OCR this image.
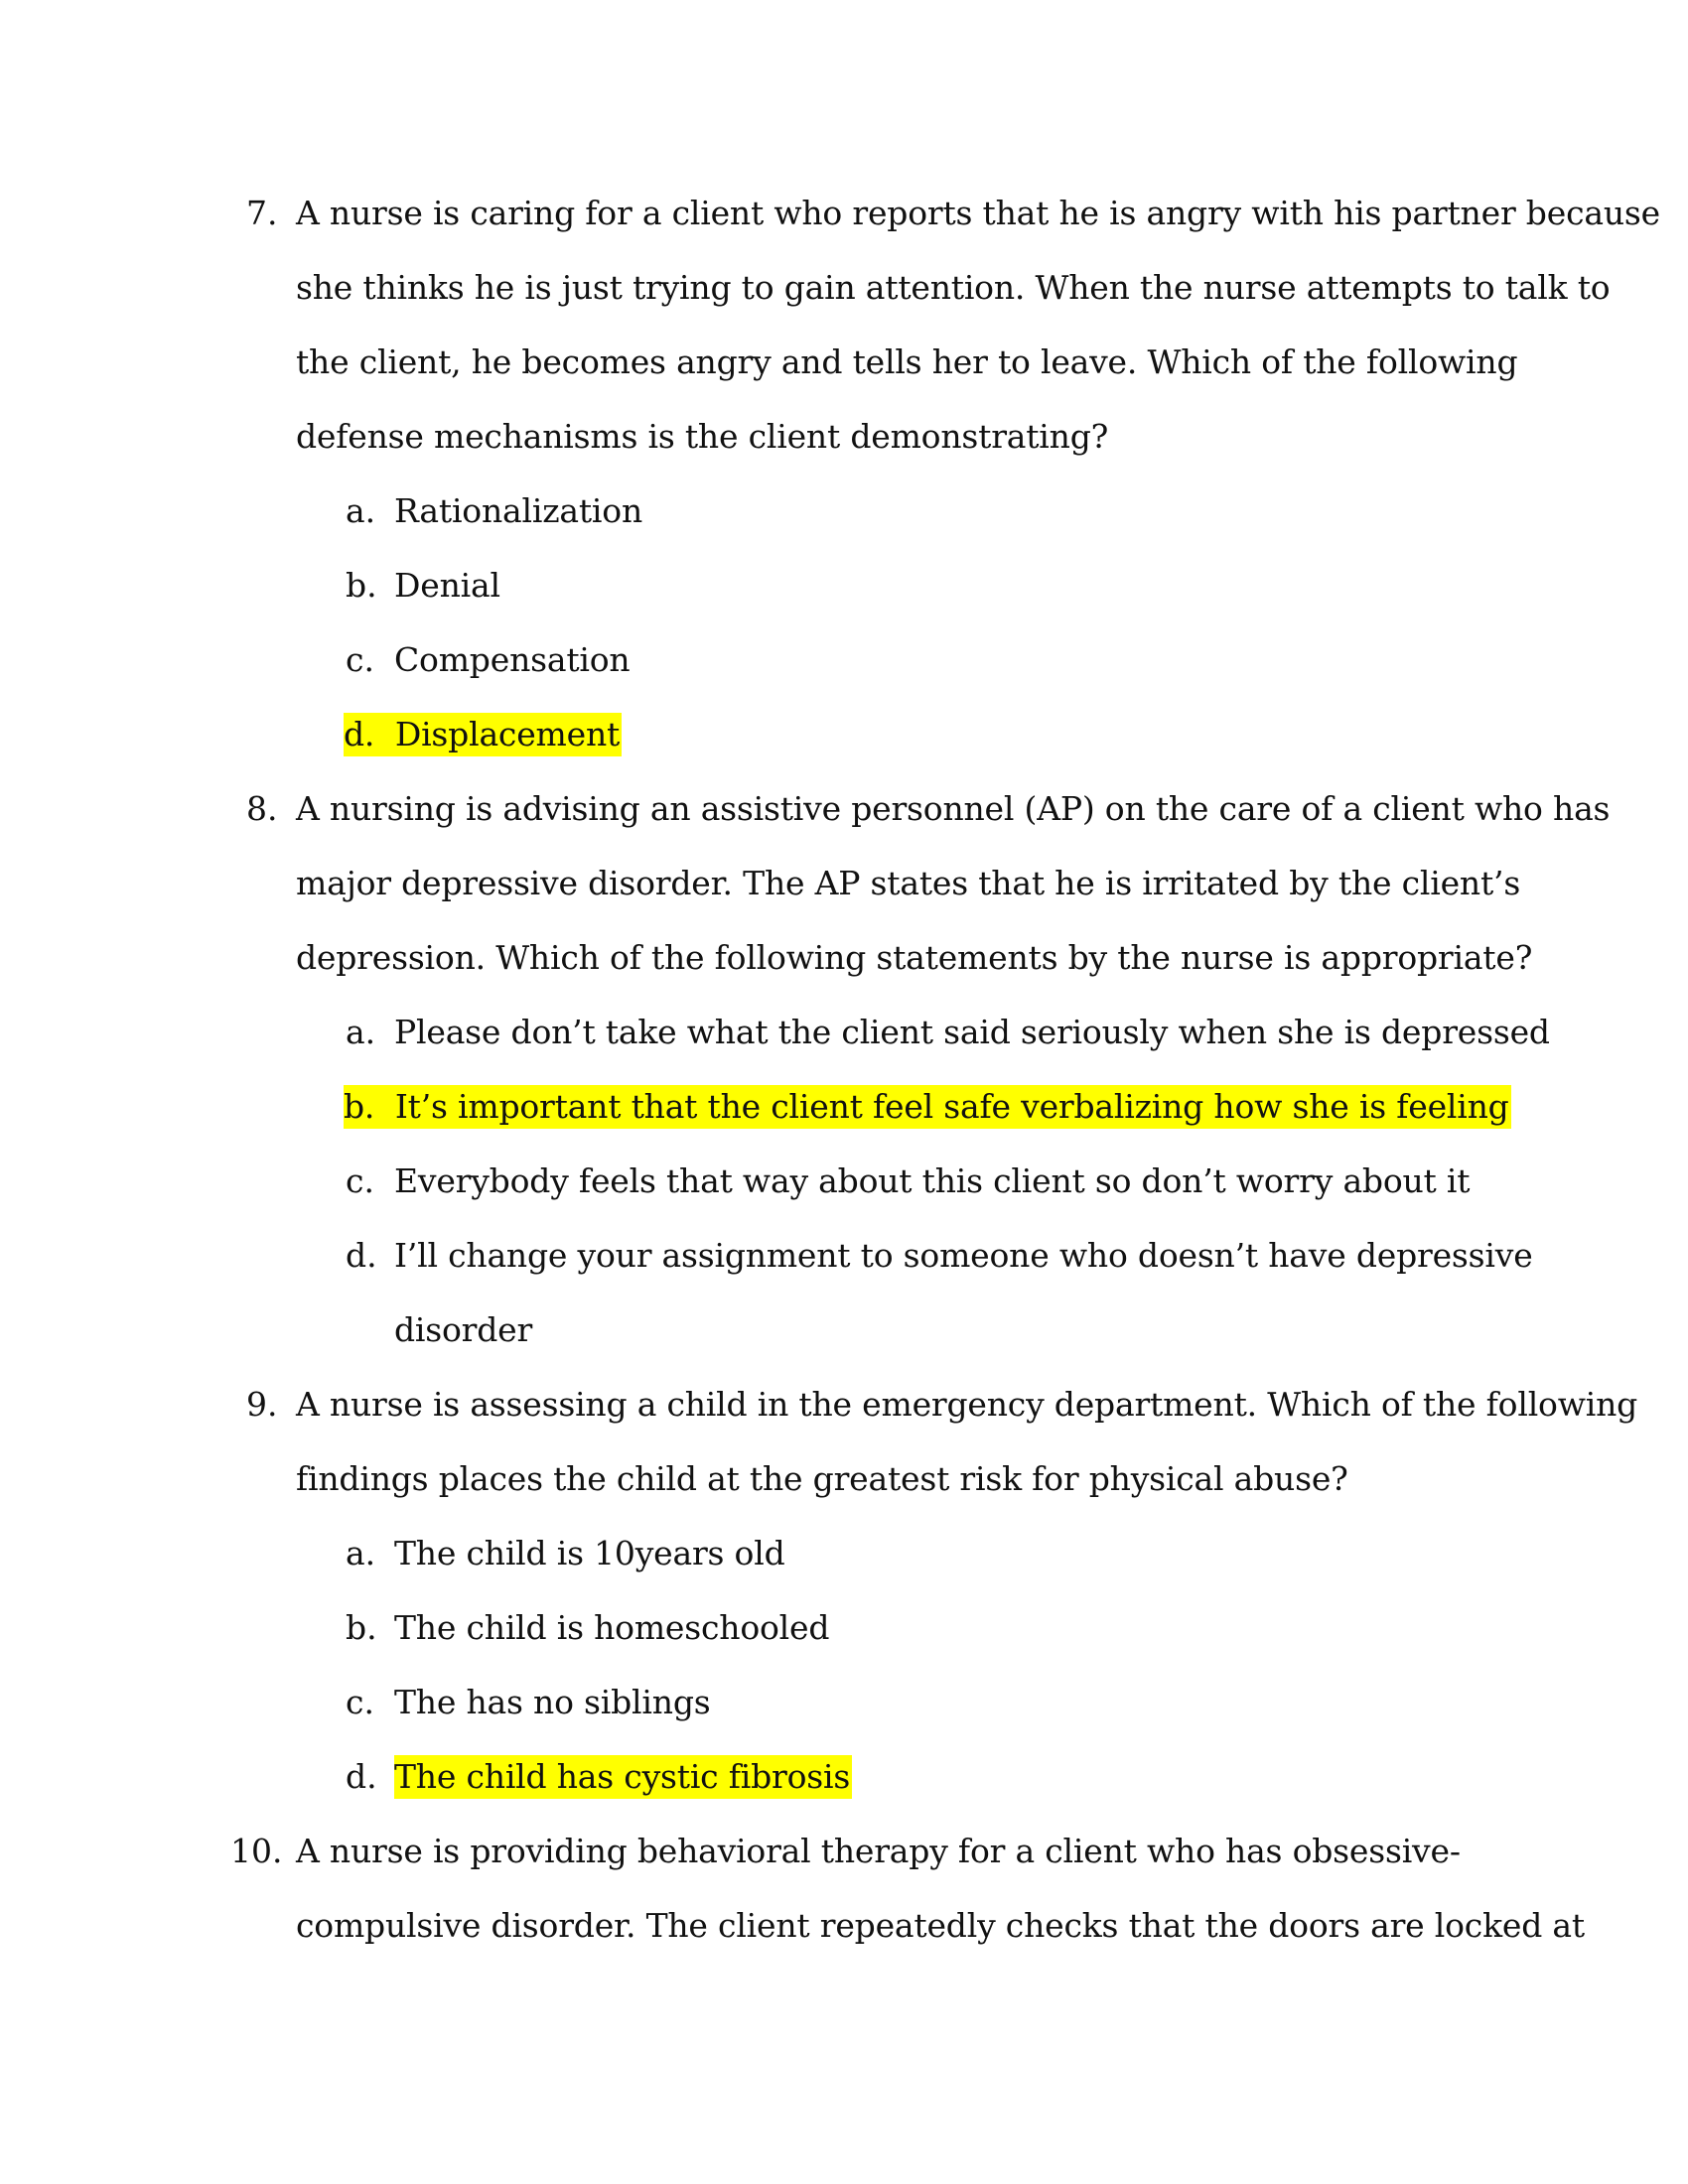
7. A nurse is caring for a client who reports that he is angry with his partner because
she thinks he is just trying to gain attention. When the nurse attempts to talk to
the client, he becomes angry and tells her to leave. Which of the following
defense mechanisms is the client demonstrating?
a. Rationalization
b. Denial
c. Compensation
d. Displacement
8. A nursing is advising an assistive personnel (AP) on the care of a client who has
major depressive disorder. The AP states that he is irritated by the client’s
depression. Which of the following statements by the nurse is appropriate?
a. Please don’t take what the client said seriously when she is depressed
b. It’s important that the client feel safe verbalizing how she is feeling
c. Everybody feels that way about this client so don’t worry about it
d. I’ll change your assignment to someone who doesn’t have depressive
disorder
9. A nurse is assessing a child in the emergency department. Which of the following
findings places the child at the greatest risk for physical abuse?
a. The child is 10years old
b. The child is homeschooled
c. The has no siblings
d. The child has cystic fibrosis
10. A nurse is providing behavioral therapy for a client who has obsessive-
compulsive disorder. The client repeatedly checks that the doors are locked at
